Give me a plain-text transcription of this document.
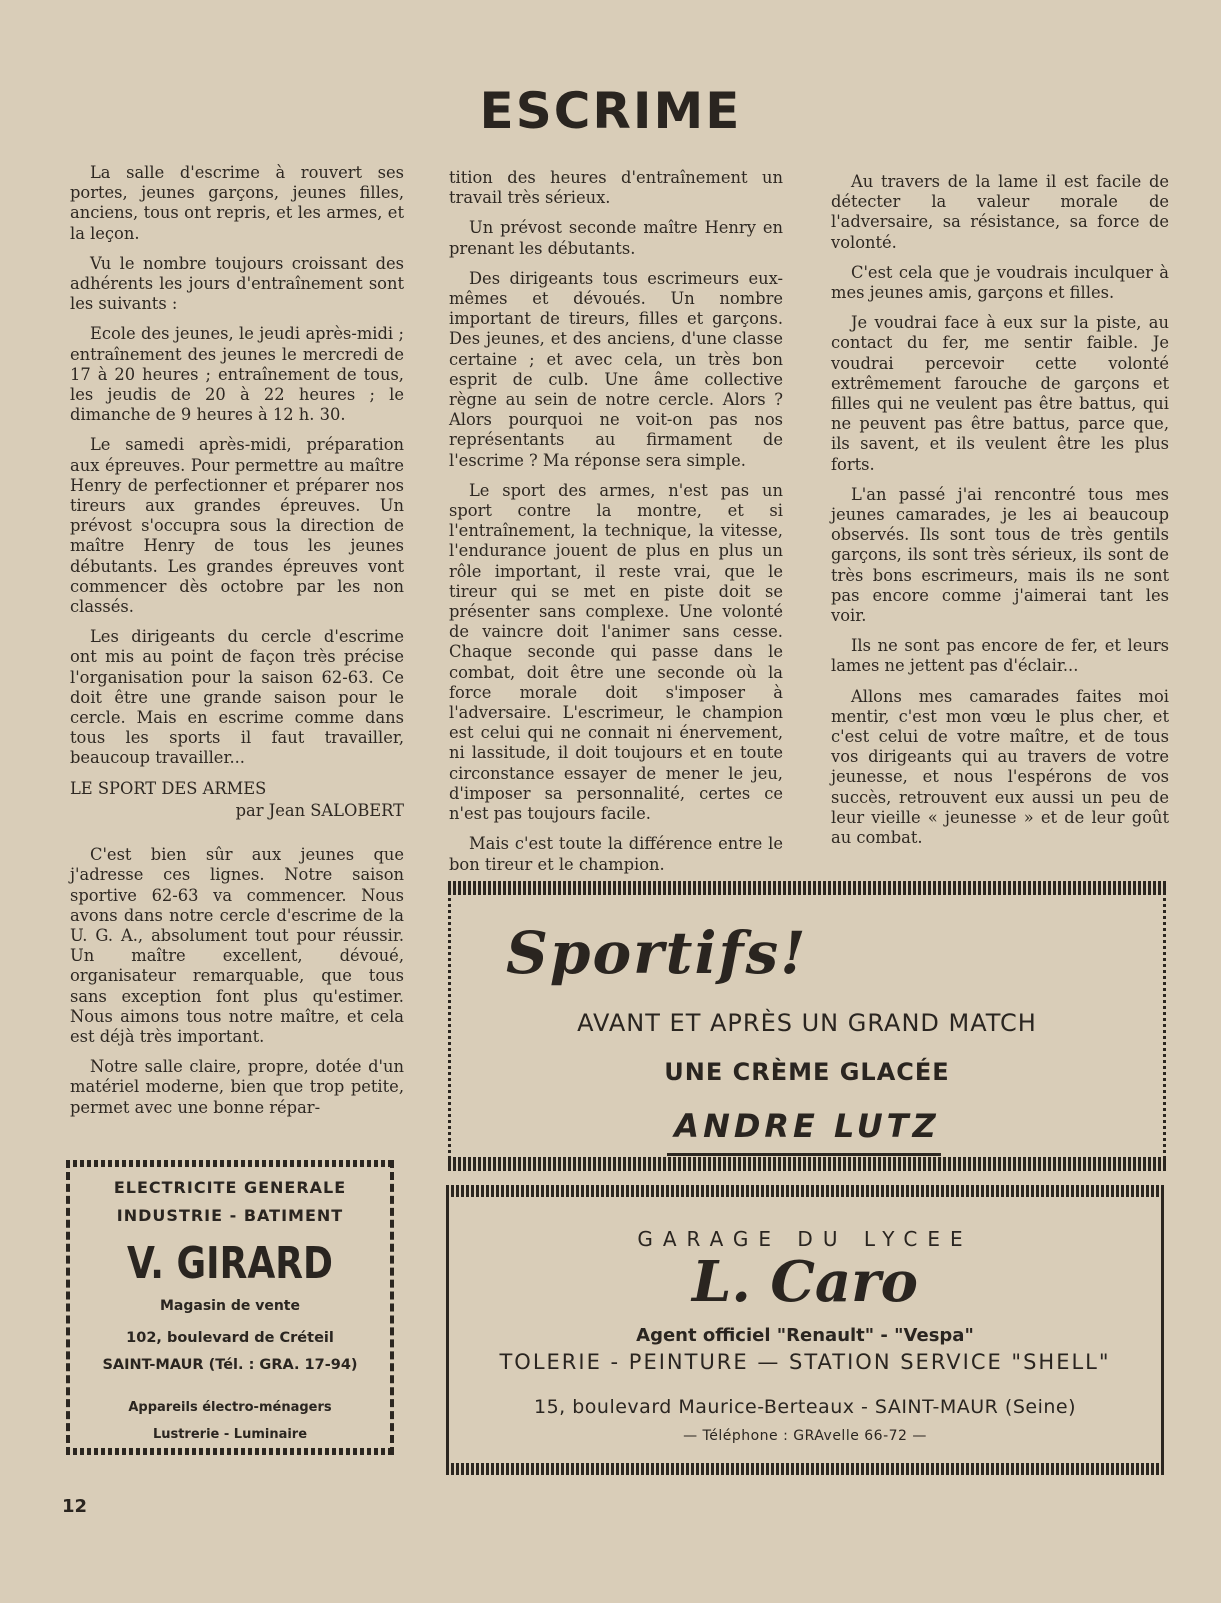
ESCRIME

La salle d'escrime à rouvert ses portes, jeunes garçons, jeunes filles, anciens, tous ont repris, et les armes, et la leçon.

Vu le nombre toujours croissant des adhérents les jours d'entraînement sont les suivants :

Ecole des jeunes, le jeudi après-midi ; entraînement des jeunes le mercredi de 17 à 20 heures ; entraînement de tous, les jeudis de 20 à 22 heures ; le dimanche de 9 heures à 12 h. 30.

Le samedi après-midi, préparation aux épreuves. Pour permettre au maître Henry de perfectionner et préparer nos tireurs aux grandes épreuves. Un prévost s'occupra sous la direction de maître Henry de tous les jeunes débutants. Les grandes épreuves vont commencer dès octobre par les non classés.

Les dirigeants du cercle d'escrime ont mis au point de façon très précise l'organisation pour la saison 62-63. Ce doit être une grande saison pour le cercle. Mais en escrime comme dans tous les sports il faut travailler, beaucoup travailler...

LE SPORT DES ARMES

par Jean SALOBERT

C'est bien sûr aux jeunes que j'adresse ces lignes. Notre saison sportive 62-63 va commencer. Nous avons dans notre cercle d'escrime de la U. G. A., absolument tout pour réussir. Un maître excellent, dévoué, organisateur remarquable, que tous sans exception font plus qu'estimer. Nous aimons tous notre maître, et cela est déjà très important.

Notre salle claire, propre, dotée d'un matériel moderne, bien que trop petite, permet avec une bonne répar-

tition des heures d'entraînement un travail très sérieux.

Un prévost seconde maître Henry en prenant les débutants.

Des dirigeants tous escrimeurs eux-mêmes et dévoués. Un nombre important de tireurs, filles et garçons. Des jeunes, et des anciens, d'une classe certaine ; et avec cela, un très bon esprit de culb. Une âme collective règne au sein de notre cercle. Alors ? Alors pourquoi ne voit-on pas nos représentants au firmament de l'escrime ? Ma réponse sera simple.

Le sport des armes, n'est pas un sport contre la montre, et si l'entraînement, la technique, la vitesse, l'endurance jouent de plus en plus un rôle important, il reste vrai, que le tireur qui se met en piste doit se présenter sans complexe. Une volonté de vaincre doit l'animer sans cesse. Chaque seconde qui passe dans le combat, doit être une seconde où la force morale doit s'imposer à l'adversaire. L'escrimeur, le champion est celui qui ne connait ni énervement, ni lassitude, il doit toujours et en toute circonstance essayer de mener le jeu, d'imposer sa personnalité, certes ce n'est pas toujours facile.

Mais c'est toute la différence entre le bon tireur et le champion.

Au travers de la lame il est facile de détecter la valeur morale de l'adversaire, sa résistance, sa force de volonté.

C'est cela que je voudrais inculquer à mes jeunes amis, garçons et filles.

Je voudrai face à eux sur la piste, au contact du fer, me sentir faible. Je voudrai percevoir cette volonté extrêmement farouche de garçons et filles qui ne veulent pas être battus, qui ne peuvent pas être battus, parce que, ils savent, et ils veulent être les plus forts.

L'an passé j'ai rencontré tous mes jeunes camarades, je les ai beaucoup observés. Ils sont tous de très gentils garçons, ils sont très sérieux, ils sont de très bons escrimeurs, mais ils ne sont pas encore comme j'aimerai tant les voir.

Ils ne sont pas encore de fer, et leurs lames ne jettent pas d'éclair...

Allons mes camarades faites moi mentir, c'est mon vœu le plus cher, et c'est celui de votre maître, et de tous vos dirigeants qui au travers de votre jeunesse, et nous l'espérons de vos succès, retrouvent eux aussi un peu de leur vieille « jeunesse » et de leur goût au combat.

Sportifs!
AVANT ET APRÈS UN GRAND MATCH
UNE CRÈME GLACÉE
ANDRE LUTZ
GARAGE DU LYCEE
L. Caro
Agent officiel "Renault" - "Vespa"
TOLERIE - PEINTURE — STATION SERVICE "SHELL"
15, boulevard Maurice-Berteaux - SAINT-MAUR (Seine)
— Téléphone : GRAvelle 66-72 —
ELECTRICITE GENERALE
INDUSTRIE - BATIMENT
V. GIRARD
Magasin de vente
102, boulevard de Créteil
SAINT-MAUR (Tél. : GRA. 17-94)
Appareils électro-ménagers
Lustrerie - Luminaire
12
